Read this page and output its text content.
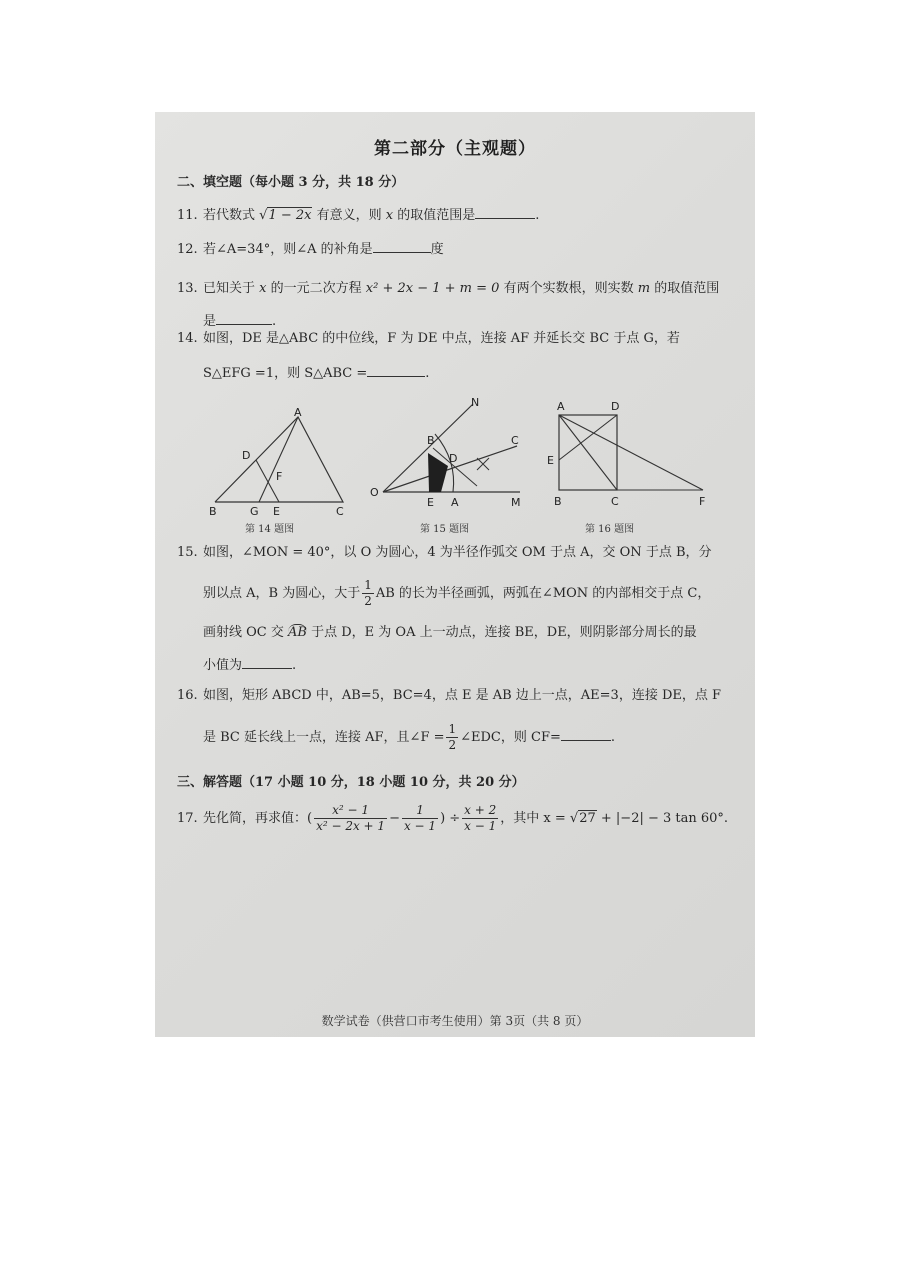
第二部分（主观题）
二、填空题（每小题 3 分，共 18 分）
11. 若代数式 √1 − 2x 有意义，则 x 的取值范围是	.
12. 若∠A=34°，则∠A 的补角是	度
13. 已知关于 x 的一元二次方程 x² + 2x − 1 + m = 0 有两个实数根，则实数 m 的取值范围
是	.
14. 如图，DE 是△ABC 的中位线，F 为 DE 中点，连接 AF 并延长交 BC 于点 G，若
S△EFG =1，则 S△ABC =	.
A
D
F
B	G E	C
第 14 题图
N
B	C
D
O
E A	M
第 15 题图
A	D
E
B	C	F
第 16 题图
15. 如图，∠MON = 40°，以 O 为圆心，4 为半径作弧交 OM 于点 A，交 ON 于点 B，分
别以点 A，B 为圆心，大于 $\frac{1}{2}$ AB 的长为半径画弧，两弧在∠MON 的内部相交于点 C，
画射线 OC 交 AB 于点 D，E 为 OA 上一动点，连接 BE，DE，则阴影部分周长的最
小值为	.
16. 如图，矩形 ABCD 中，AB=5，BC=4，点 E 是 AB 边上一点，AE=3，连接 DE，点 F
是 BC 延长线上一点，连接 AF，且∠F = $\frac{1}{2}$ ∠EDC，则 CF=	.
三、解答题（17 小题 10 分，18 小题 10 分，共 20 分）
17. 先化简，再求值：( $\frac{\text{x² − 1}}{\text{x² − 2x + 1}} - \frac{1}{x - 1}$ ) ÷ $\frac{x + 2}{x - 1}$ ，其中 x = √27 + |−2| − 3 tan 60°.
数学试卷（供营口市考生使用）第 3页（共 8 页）
